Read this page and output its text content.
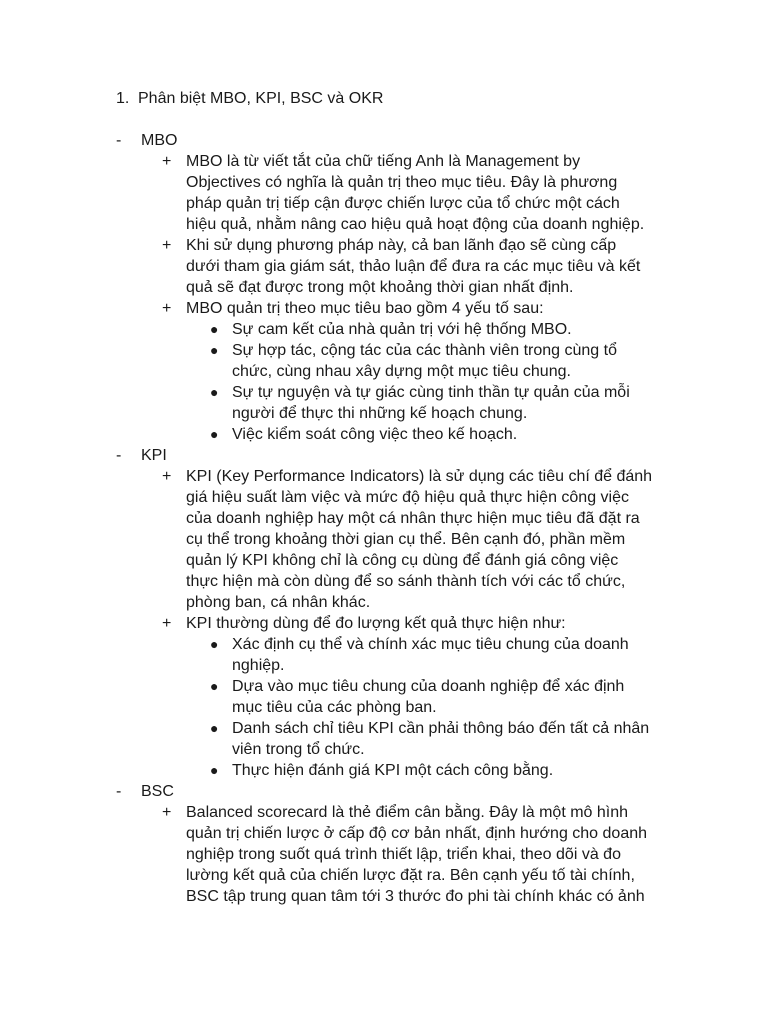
1. Phân biệt MBO, KPI, BSC và OKR
- MBO
+ MBO là từ viết tắt của chữ tiếng Anh là Management by
Objectives có nghĩa là quản trị theo mục tiêu. Đây là phương
pháp quản trị tiếp cận được chiến lược của tổ chức một cách
hiệu quả, nhằm nâng cao hiệu quả hoạt động của doanh nghiệp.
+ Khi sử dụng phương pháp này, cả ban lãnh đạo sẽ cùng cấp
dưới tham gia giám sát, thảo luận để đưa ra các mục tiêu và kết
quả sẽ đạt được trong một khoảng thời gian nhất định.
+ MBO quản trị theo mục tiêu bao gồm 4 yếu tố sau:
● Sự cam kết của nhà quản trị với hệ thống MBO.
● Sự hợp tác, cộng tác của các thành viên trong cùng tổ
chức, cùng nhau xây dựng một mục tiêu chung.
● Sự tự nguyện và tự giác cùng tinh thần tự quản của mỗi
người để thực thi những kế hoạch chung.
● Việc kiểm soát công việc theo kế hoạch.
- KPI
+ KPI (Key Performance Indicators) là sử dụng các tiêu chí để đánh
giá hiệu suất làm việc và mức độ hiệu quả thực hiện công việc
của doanh nghiệp hay một cá nhân thực hiện mục tiêu đã đặt ra
cụ thể trong khoảng thời gian cụ thể. Bên cạnh đó, phần mềm
quản lý KPI không chỉ là công cụ dùng để đánh giá công việc
thực hiện mà còn dùng để so sánh thành tích với các tổ chức,
phòng ban, cá nhân khác.
+ KPI thường dùng để đo lượng kết quả thực hiện như:
● Xác định cụ thể và chính xác mục tiêu chung của doanh
nghiệp.
● Dựa vào mục tiêu chung của doanh nghiệp để xác định
mục tiêu của các phòng ban.
● Danh sách chỉ tiêu KPI cần phải thông báo đến tất cả nhân
viên trong tổ chức.
● Thực hiện đánh giá KPI một cách công bằng.
- BSC
+ Balanced scorecard là thẻ điểm cân bằng. Đây là một mô hình
quản trị chiến lược ở cấp độ cơ bản nhất, định hướng cho doanh
nghiệp trong suốt quá trình thiết lập, triển khai, theo dõi và đo
lường kết quả của chiến lược đặt ra. Bên cạnh yếu tố tài chính,
BSC tập trung quan tâm tới 3 thước đo phi tài chính khác có ảnh
